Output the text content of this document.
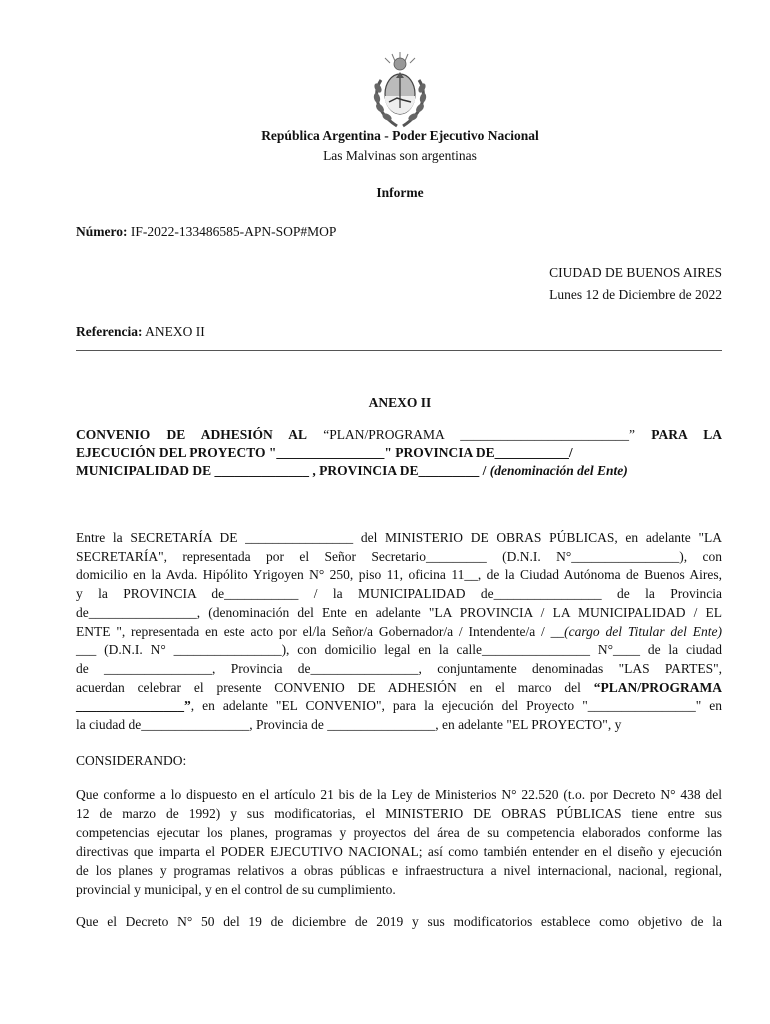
República Argentina - Poder Ejecutivo Nacional
Las Malvinas son argentinas
Informe
Número: IF-2022-133486585-APN-SOP#MOP
CIUDAD DE BUENOS AIRES
Lunes 12 de Diciembre de 2022
Referencia: ANEXO II
ANEXO II
CONVENIO DE ADHESIÓN AL “PLAN/PROGRAMA _________________________” PARA LA
EJECUCIÓN DEL PROYECTO "________________" PROVINCIA DE___________/
MUNICIPALIDAD DE ______________ , PROVINCIA DE_________ / (denominación del Ente)
Entre la SECRETARÍA DE ________________ del MINISTERIO DE OBRAS PÚBLICAS, en adelante "LA
SECRETARÍA", representada por el Señor Secretario_________ (D.N.I. N°________________), con
domicilio en la Avda. Hipólito Yrigoyen N° 250, piso 11, oficina 11__, de la Ciudad Autónoma de Buenos Aires,
y la PROVINCIA de___________ / la MUNICIPALIDAD de________________ de la Provincia
de________________, (denominación del Ente en adelante "LA PROVINCIA / LA MUNICIPALIDAD / EL
ENTE ", representada en este acto por el/la Señor/a Gobernador/a / Intendente/a / __(cargo del Titular del Ente)
___ (D.N.I. N° ________________), con domicilio legal en la calle________________ N°____ de la ciudad
de ________________, Provincia de________________, conjuntamente denominadas "LAS PARTES",
acuerdan celebrar el presente CONVENIO DE ADHESIÓN en el marco del “PLAN/PROGRAMA
________________”, en adelante "EL CONVENIO", para la ejecución del Proyecto "________________" en
la ciudad de________________, Provincia de ________________, en adelante "EL PROYECTO", y
CONSIDERANDO:
Que conforme a lo dispuesto en el artículo 21 bis de la Ley de Ministerios N° 22.520 (t.o. por Decreto N° 438 del
12 de marzo de 1992) y sus modificatorias, el MINISTERIO DE OBRAS PÚBLICAS tiene entre sus
competencias ejecutar los planes, programas y proyectos del área de su competencia elaborados conforme las
directivas que imparta el PODER EJECUTIVO NACIONAL; así como también entender en el diseño y ejecución
de los planes y programas relativos a obras públicas e infraestructura a nivel internacional, nacional, regional,
provincial y municipal, y en el control de su cumplimiento.
Que el Decreto N° 50 del 19 de diciembre de 2019 y sus modificatorios establece como objetivo de la
